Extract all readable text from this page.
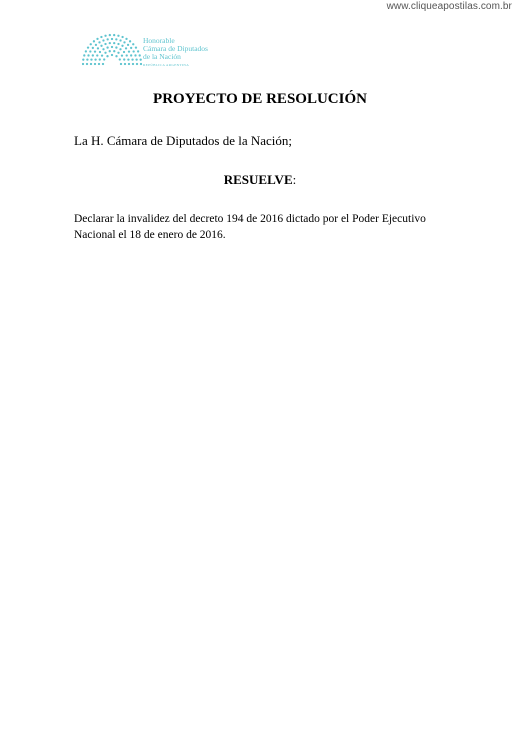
www.cliqueapostilas.com.br
Honorable
Cámara de Diputados
de la Nación
REPÚBLICA ARGENTINA
PROYECTO DE RESOLUCIÓN
La H. Cámara de Diputados de la Nación;
RESUELVE:
Declarar la invalidez del decreto 194 de 2016 dictado por el Poder Ejecutivo Nacional el 18 de enero de 2016.
